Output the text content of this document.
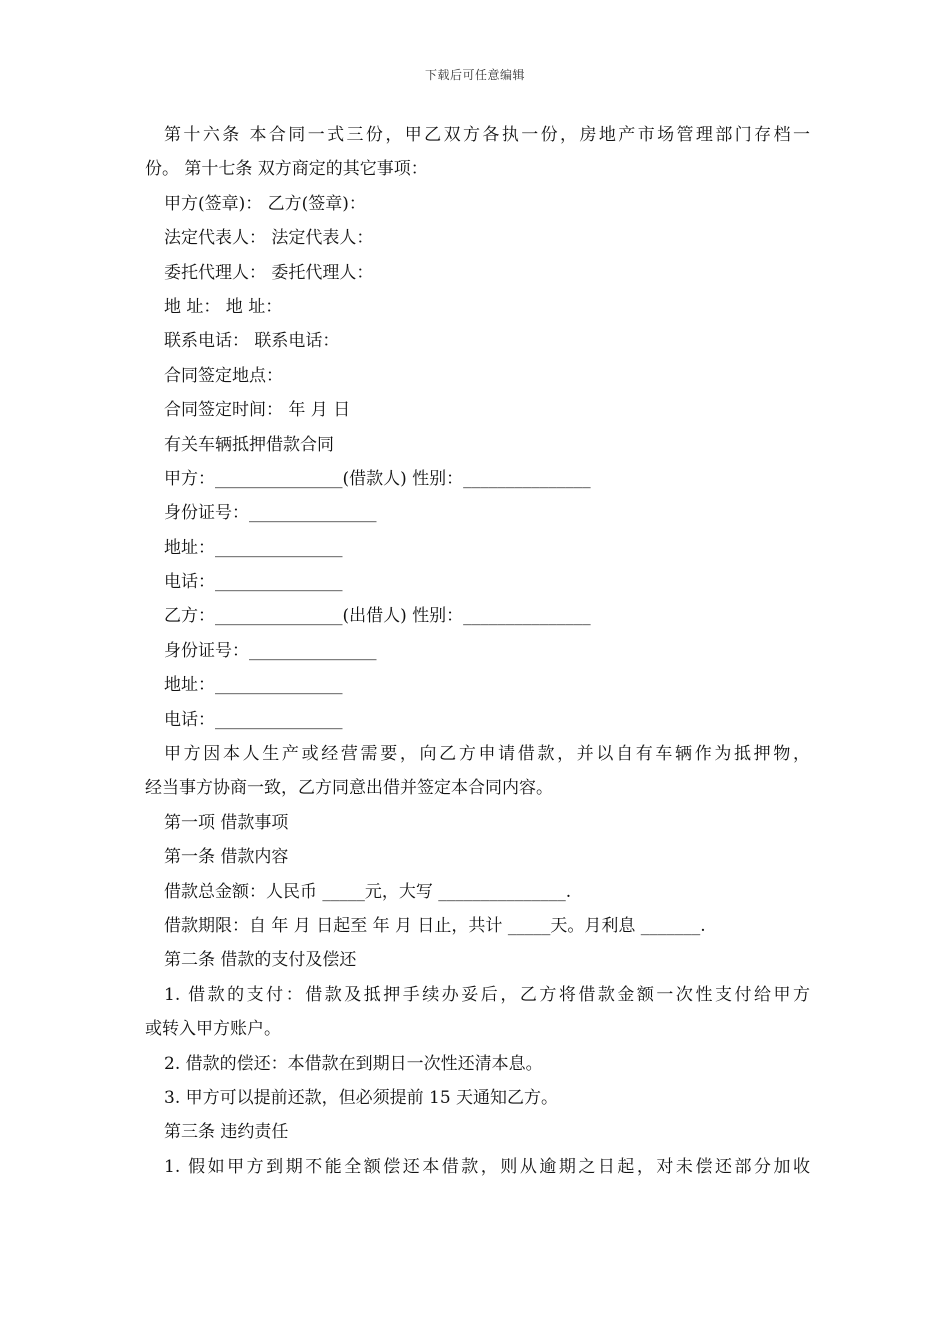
下载后可任意编辑
第十六条 本合同一式三份，甲乙双方各执一份，房地产市场管理部门存档一
份。 第十七条 双方商定的其它事项：
甲方(签章)： 乙方(签章)：
法定代表人： 法定代表人：
委托代理人： 委托代理人：
地 址： 地 址：
联系电话： 联系电话：
合同签定地点：
合同签定时间： 年 月 日
有关车辆抵押借款合同
甲方：_______________(借款人) 性别：_______________
身份证号：_______________
地址：_______________
电话：_______________
乙方：_______________(出借人) 性别：_______________
身份证号：_______________
地址：_______________
电话：_______________
甲方因本人生产或经营需要，向乙方申请借款，并以自有车辆作为抵押物，
经当事方协商一致，乙方同意出借并签定本合同内容。
第一项 借款事项
第一条 借款内容
借款总金额：人民币 _____元，大写 _______________.
借款期限：自 年 月 日起至 年 月 日止，共计 _____天。月利息 _______.
第二条 借款的支付及偿还
1. 借款的支付：借款及抵押手续办妥后，乙方将借款金额一次性支付给甲方
或转入甲方账户。
2. 借款的偿还：本借款在到期日一次性还清本息。
3. 甲方可以提前还款，但必须提前 15 天通知乙方。
第三条 违约责任
1. 假如甲方到期不能全额偿还本借款，则从逾期之日起，对未偿还部分加收
